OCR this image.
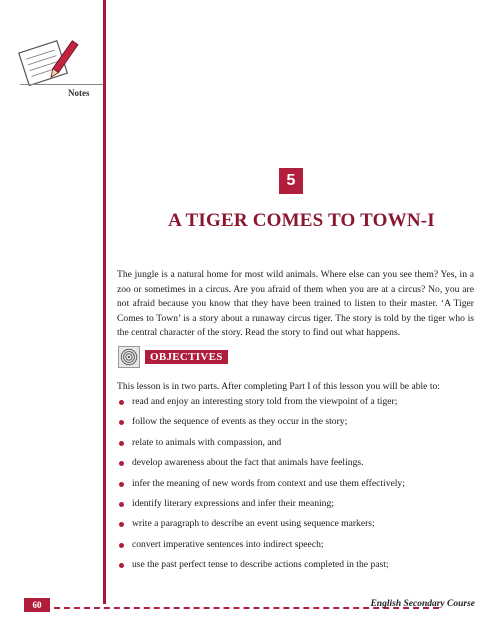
Notes
5
A TIGER COMES TO TOWN-I

The jungle is a natural home for most wild animals. Where else can you see them? Yes, in a zoo or sometimes in a circus. Are you afraid of them when you are at a circus? No, you are not afraid because you know that they have been trained to listen to their master. ‘A Tiger Comes to Town’ is a story about a runaway circus tiger. The story is told by the tiger who is the central character of the story. Read the story to find out what happens.

OBJECTIVES

This lesson is in two parts. After completing Part I of this lesson you will be able to:

read and enjoy an interesting story told from the viewpoint of a tiger;
follow the sequence of events as they occur in the story;
relate to animals with compassion, and
develop awareness about the fact that animals have feelings.
infer the meaning of new words from context and use them effectively;
identify literary expressions and infer their meaning;
write a paragraph to describe an event using sequence markers;
convert imperative sentences into indirect speech;
use the past perfect tense to describe actions completed in the past;
60	English Secondary Course
